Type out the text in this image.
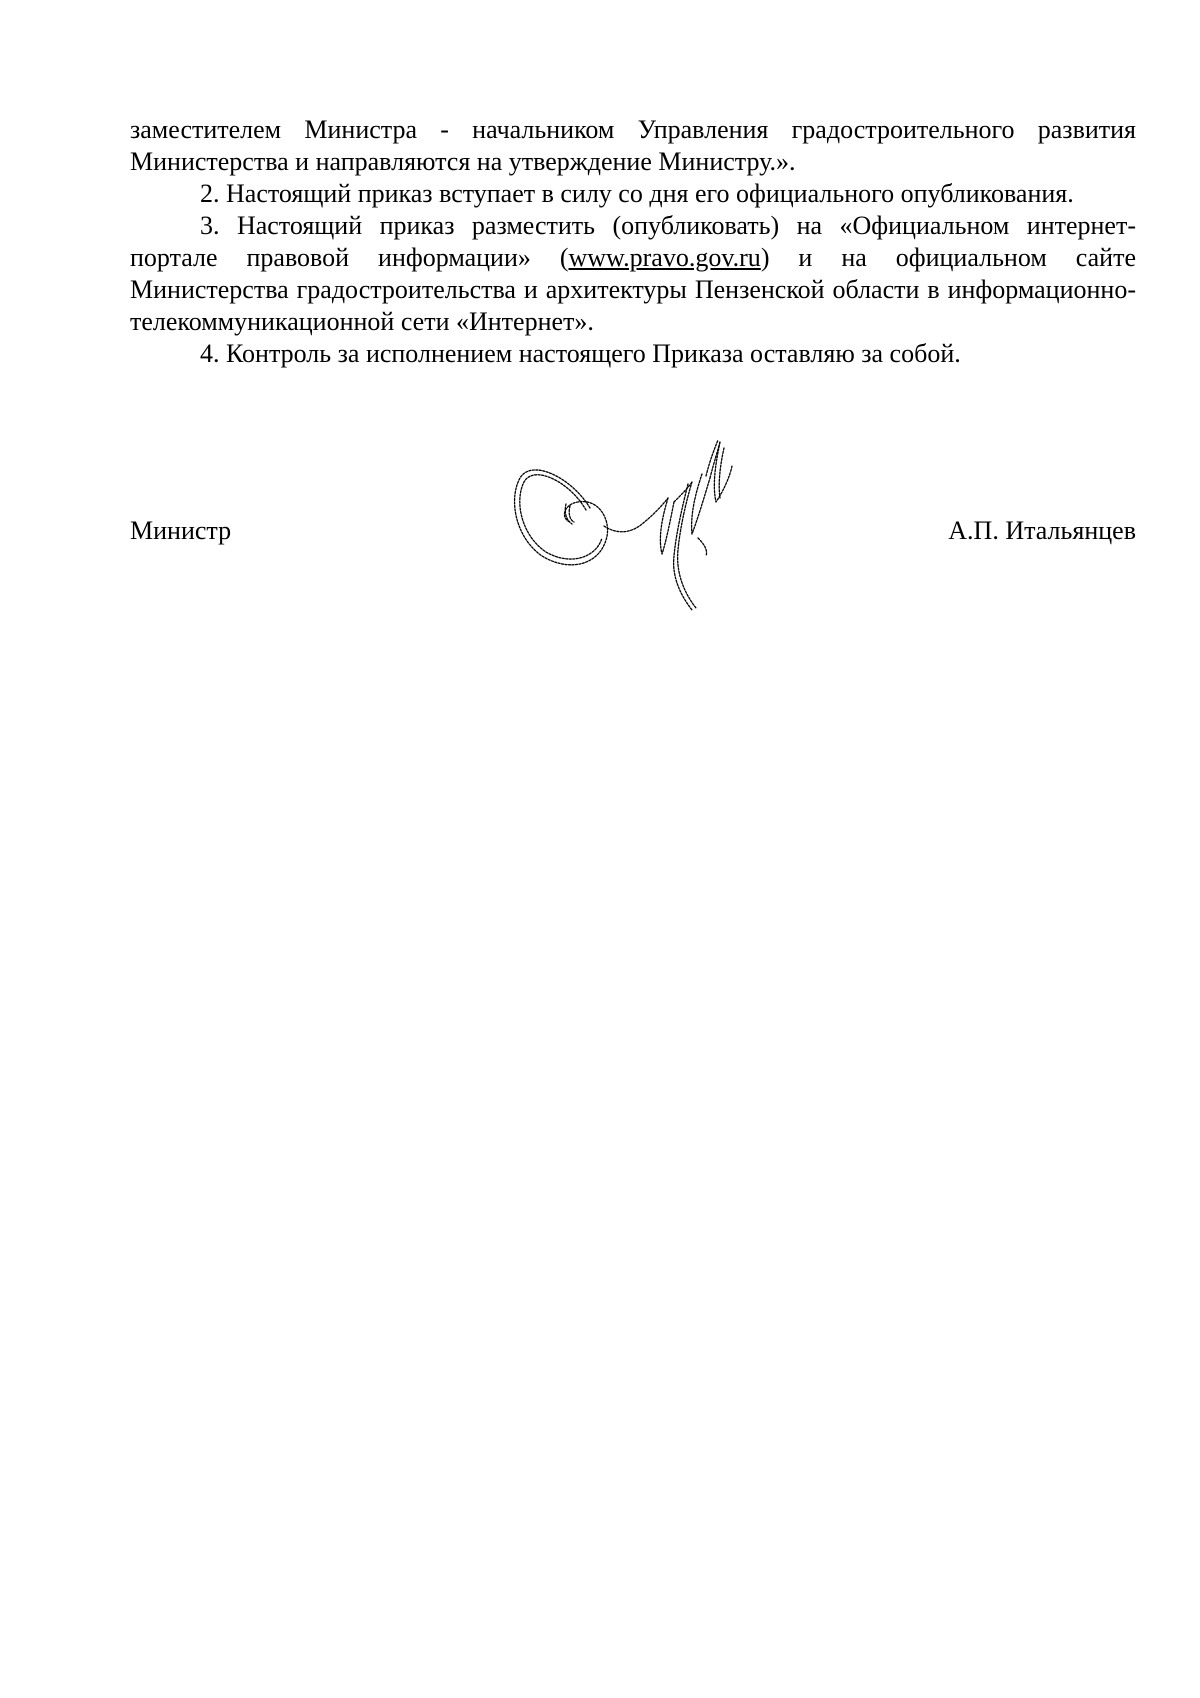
заместителем Министра - начальником Управления градостроительного развития Министерства и направляются на утверждение Министру.».

2. Настоящий приказ вступает в силу со дня его официального опубликования.

3. Настоящий приказ разместить (опубликовать) на «Официальном интернет-портале правовой информации» (www.pravo.gov.ru) и на официальном сайте Министерства градостроительства и архитектуры Пензенской области в информационно-телекоммуникационной сети «Интернет».

4. Контроль за исполнением настоящего Приказа оставляю за собой.

Министр	А.П. Итальянцев
